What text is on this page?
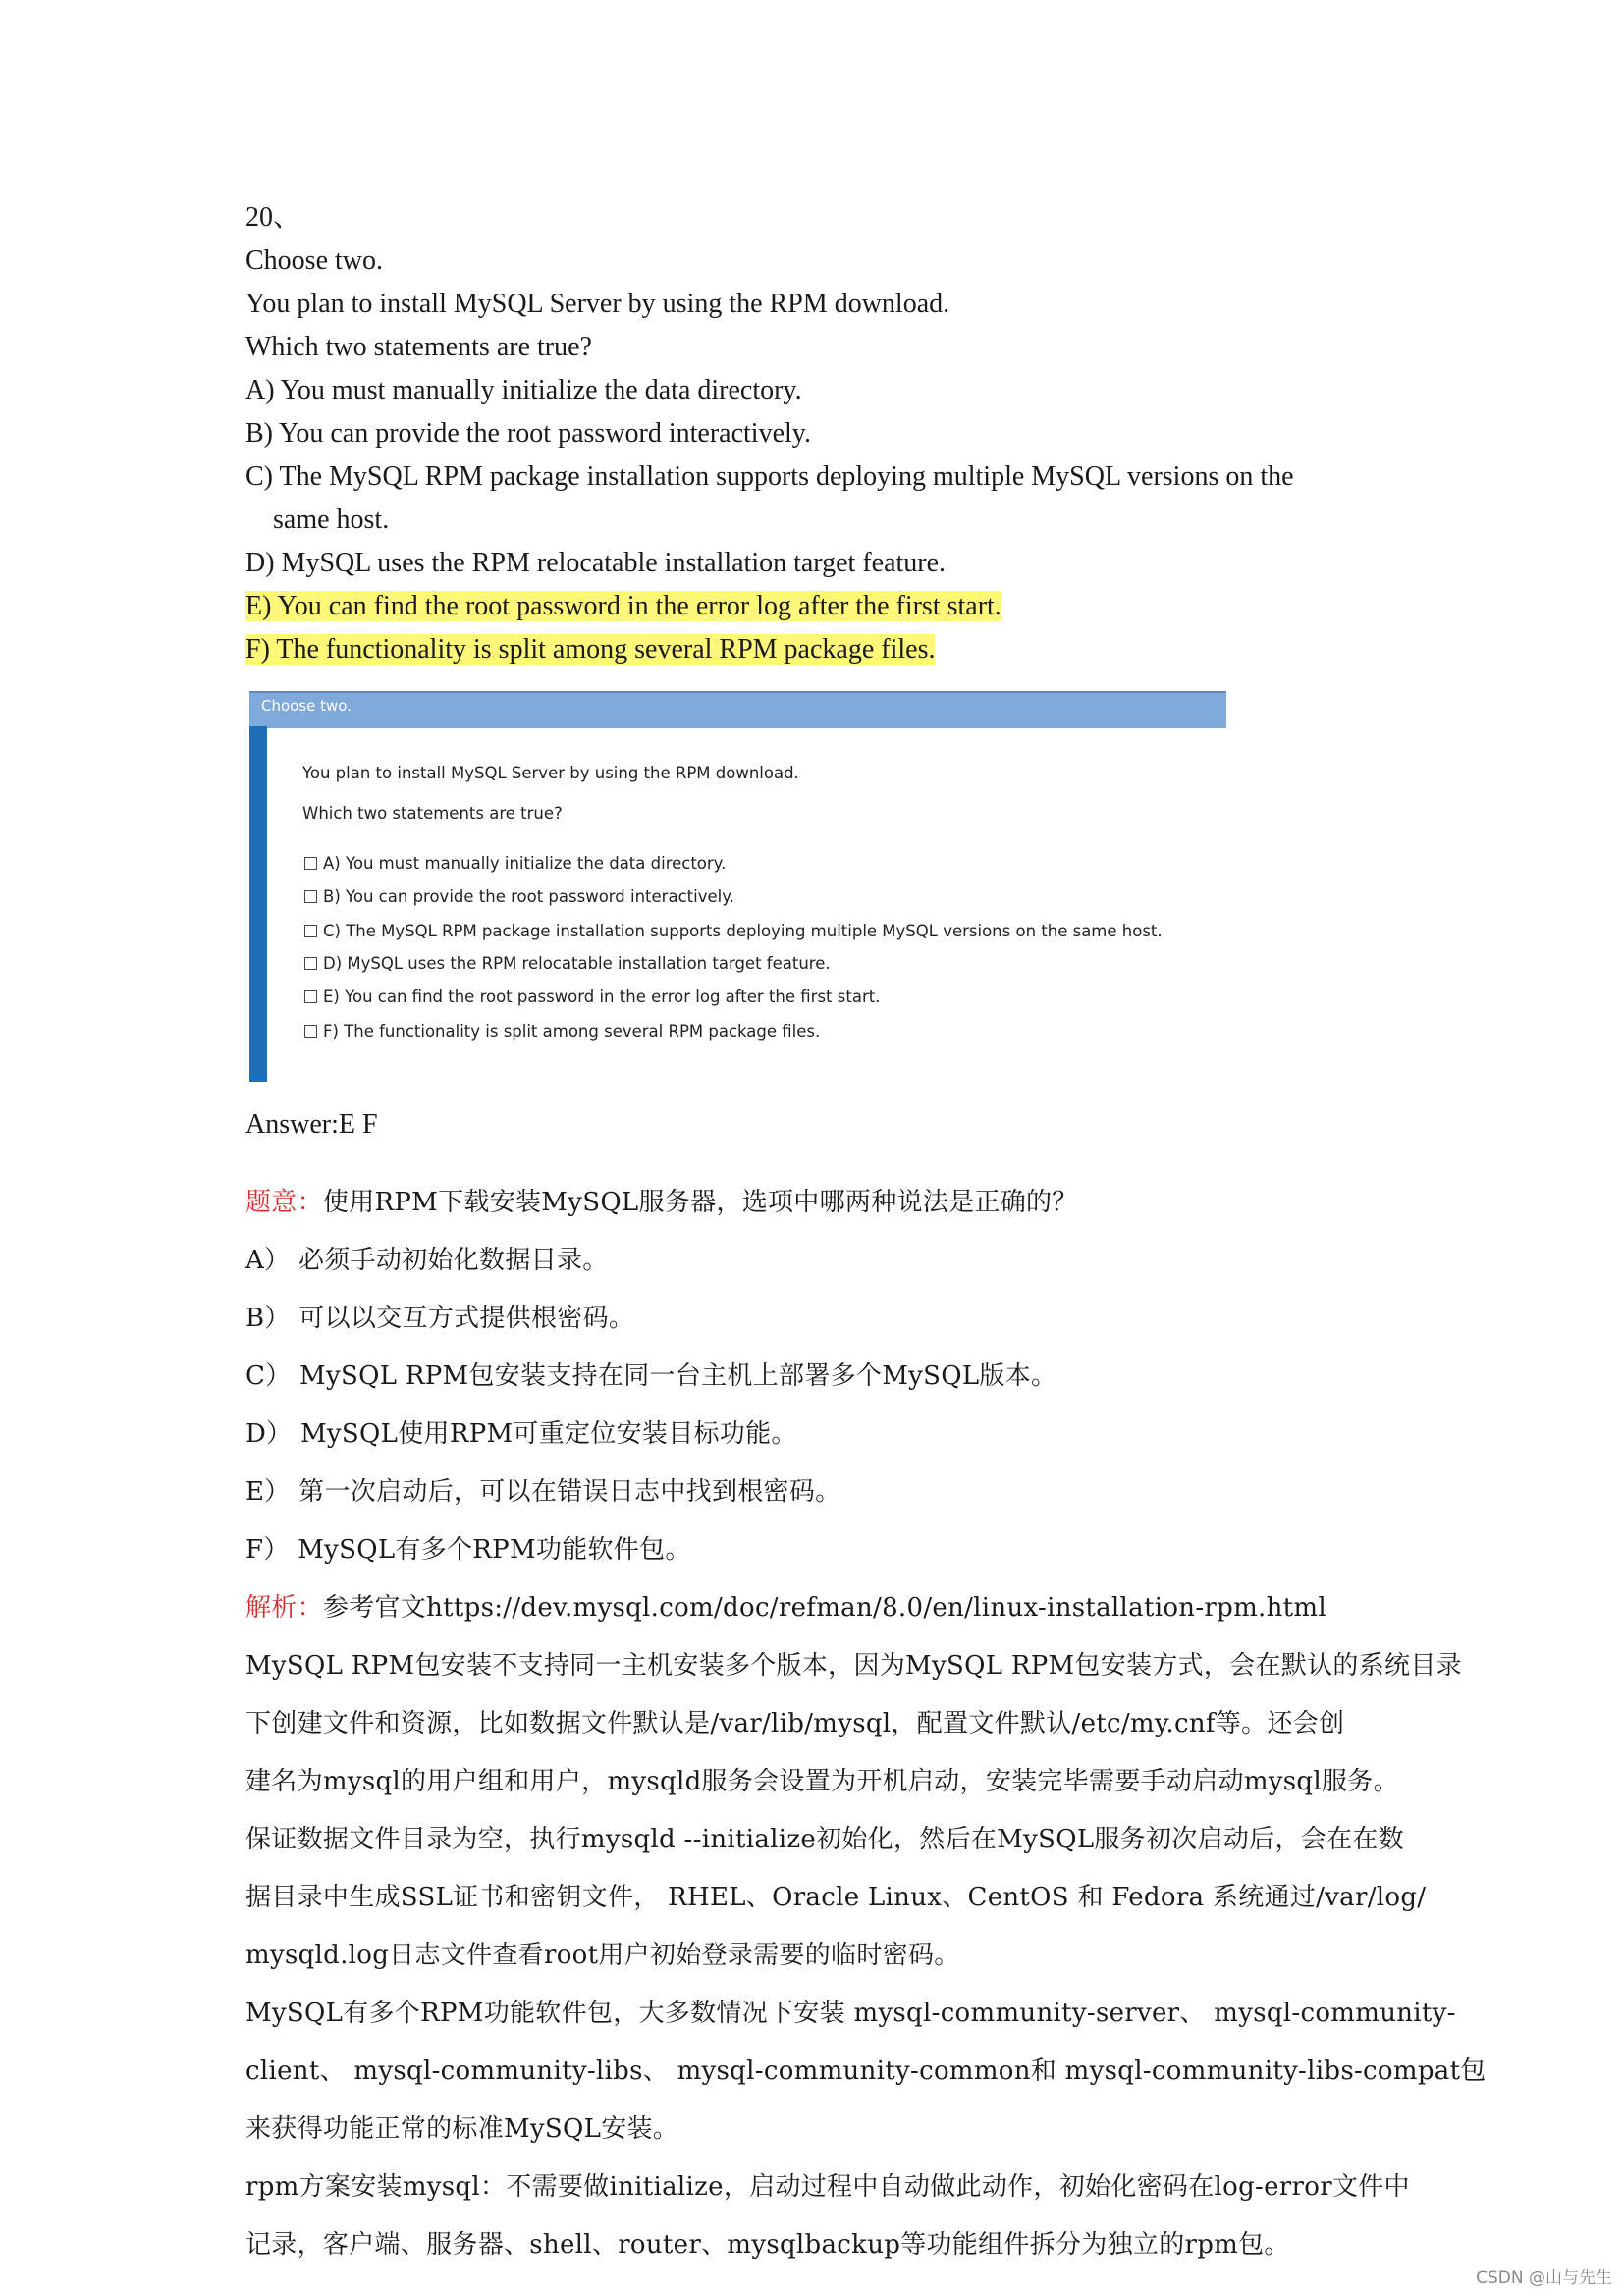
20、
Choose two.
You plan to install MySQL Server by using the RPM download.
Which two statements are true?
A) You must manually initialize the data directory.
B) You can provide the root password interactively.
C) The MySQL RPM package installation supports deploying multiple MySQL versions on the
same host.
D) MySQL uses the RPM relocatable installation target feature.
E) You can find the root password in the error log after the first start.
F) The functionality is split among several RPM package files.
Choose two.
You plan to install MySQL Server by using the RPM download.
Which two statements are true?
A) You must manually initialize the data directory.
B) You can provide the root password interactively.
C) The MySQL RPM package installation supports deploying multiple MySQL versions on the same host.
D) MySQL uses the RPM relocatable installation target feature.
E) You can find the root password in the error log after the first start.
F) The functionality is split among several RPM package files.
Answer:E F
题意：使用RPM下载安装MySQL服务器，选项中哪两种说法是正确的？
A） 必须手动初始化数据目录。
B） 可以以交互方式提供根密码。
C） MySQL RPM包安装支持在同一台主机上部署多个MySQL版本。
D） MySQL使用RPM可重定位安装目标功能。
E） 第一次启动后，可以在错误日志中找到根密码。
F） MySQL有多个RPM功能软件包。
解析：参考官文https://dev.mysql.com/doc/refman/8.0/en/linux-installation-rpm.html
MySQL RPM包安装不支持同一主机安装多个版本，因为MySQL RPM包安装方式，会在默认的系统目录
下创建文件和资源，比如数据文件默认是/var/lib/mysql，配置文件默认/etc/my.cnf等。还会创
建名为mysql的用户组和用户，mysqld服务会设置为开机启动，安装完毕需要手动启动mysql服务。
保证数据文件目录为空，执行mysqld --initialize初始化，然后在MySQL服务初次启动后，会在在数
据目录中生成SSL证书和密钥文件， RHEL、Oracle Linux、CentOS 和 Fedora 系统通过/var/log/
mysqld.log日志文件查看root用户初始登录需要的临时密码。
MySQL有多个RPM功能软件包，大多数情况下安装 mysql-community-server、 mysql-community-
client、 mysql-community-libs、 mysql-community-common和 mysql-community-libs-compat包
来获得功能正常的标准MySQL安装。
rpm方案安装mysql：不需要做initialize，启动过程中自动做此动作，初始化密码在log-error文件中
记录，客户端、服务器、shell、router、mysqlbackup等功能组件拆分为独立的rpm包。
CSDN @山与先生
